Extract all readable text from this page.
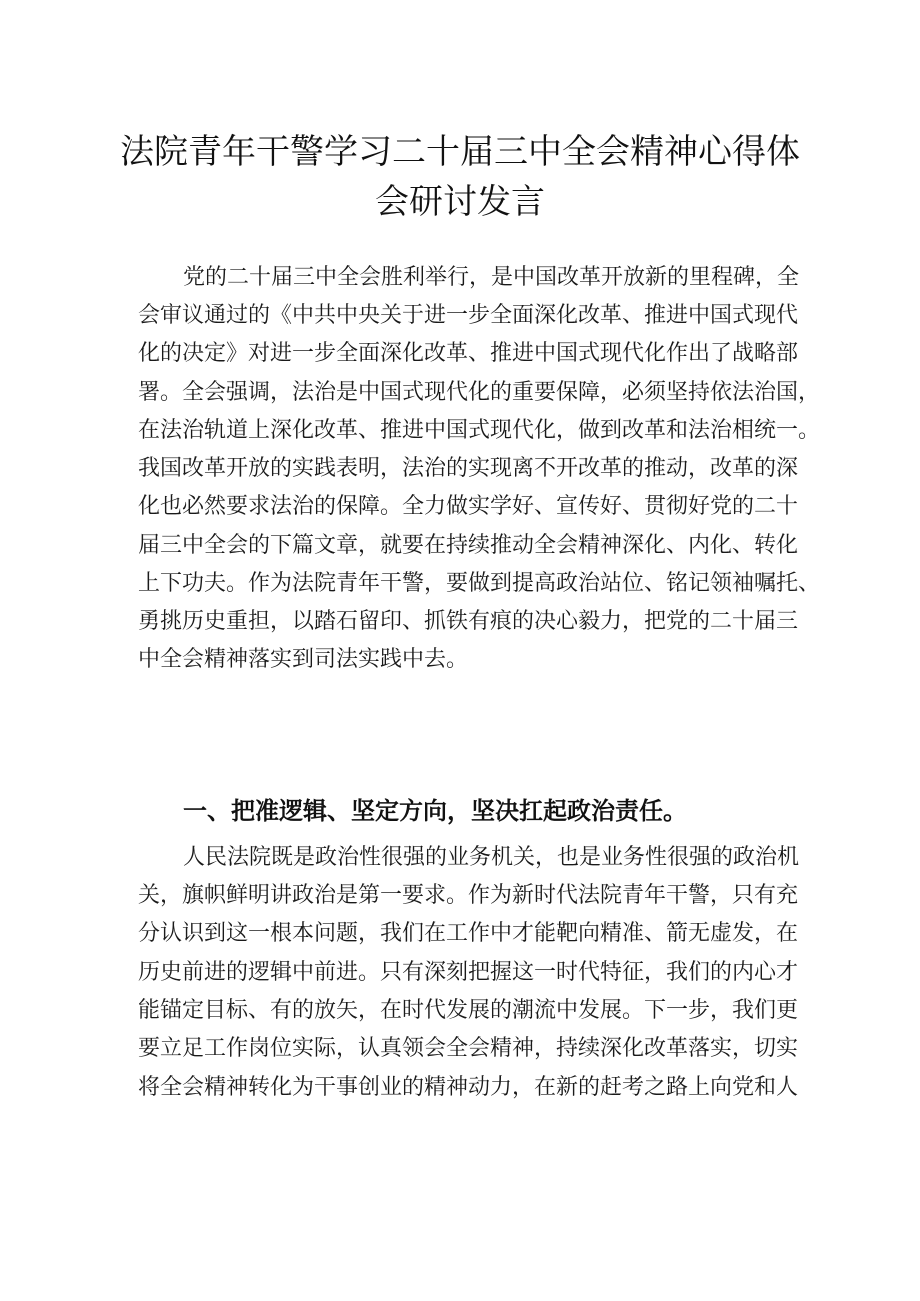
法院青年干警学习二十届三中全会精神心得体
会研讨发言

党的二十届三中全会胜利举行，是中国改革开放新的里程碑，全

会审议通过的《中共中央关于进一步全面深化改革、推进中国式现代

化的决定》对进一步全面深化改革、推进中国式现代化作出了战略部

署。全会强调，法治是中国式现代化的重要保障，必须坚持依法治国，

在法治轨道上深化改革、推进中国式现代化，做到改革和法治相统一。

我国改革开放的实践表明，法治的实现离不开改革的推动，改革的深

化也必然要求法治的保障。全力做实学好、宣传好、贯彻好党的二十

届三中全会的下篇文章，就要在持续推动全会精神深化、内化、转化

上下功夫。作为法院青年干警，要做到提高政治站位、铭记领袖嘱托、

勇挑历史重担，以踏石留印、抓铁有痕的决心毅力，把党的二十届三

中全会精神落实到司法实践中去。

一、把准逻辑、坚定方向，坚决扛起政治责任。

人民法院既是政治性很强的业务机关，也是业务性很强的政治机

关，旗帜鲜明讲政治是第一要求。作为新时代法院青年干警，只有充

分认识到这一根本问题，我们在工作中才能靶向精准、箭无虚发，在

历史前进的逻辑中前进。只有深刻把握这一时代特征，我们的内心才

能锚定目标、有的放矢，在时代发展的潮流中发展。下一步，我们更

要立足工作岗位实际，认真领会全会精神，持续深化改革落实，切实

将全会精神转化为干事创业的精神动力，在新的赶考之路上向党和人
